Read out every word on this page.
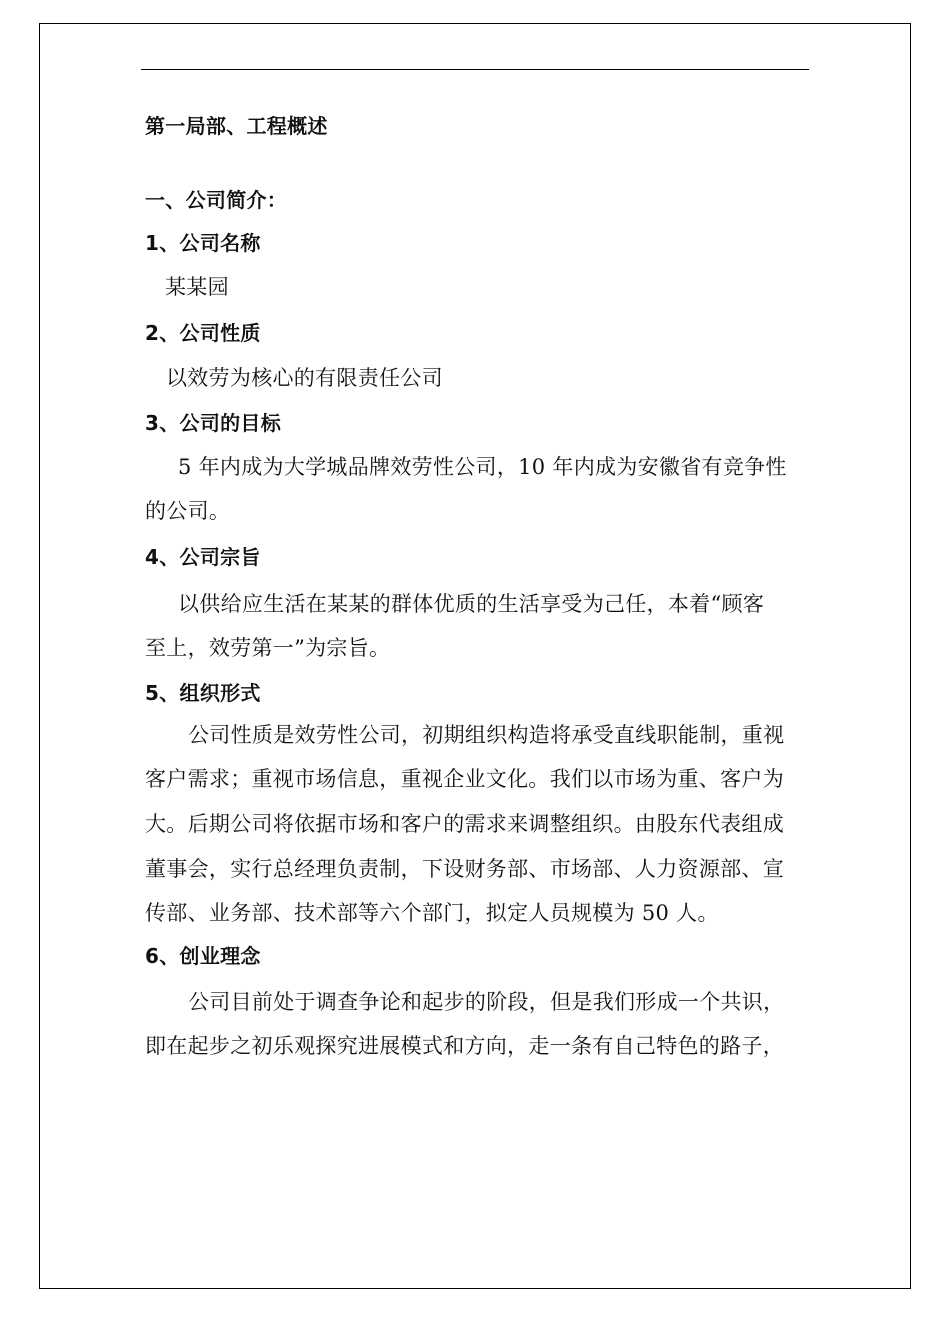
第一局部、工程概述
一、公司简介：
1、公司名称
某某园
2、公司性质
以效劳为核心的有限责任公司
3、公司的目标
5 年内成为大学城品牌效劳性公司，10 年内成为安徽省有竞争性
的公司。
4、公司宗旨
以供给应生活在某某的群体优质的生活享受为己任，本着“顾客
至上，效劳第一”为宗旨。
5、组织形式
公司性质是效劳性公司，初期组织构造将承受直线职能制，重视
客户需求；重视市场信息，重视企业文化。我们以市场为重、客户为
大。后期公司将依据市场和客户的需求来调整组织。由股东代表组成
董事会，实行总经理负责制，下设财务部、市场部、人力资源部、宣
传部、业务部、技术部等六个部门，拟定人员规模为 50 人。
6、创业理念
公司目前处于调查争论和起步的阶段，但是我们形成一个共识，
即在起步之初乐观探究进展模式和方向，走一条有自己特色的路子，
